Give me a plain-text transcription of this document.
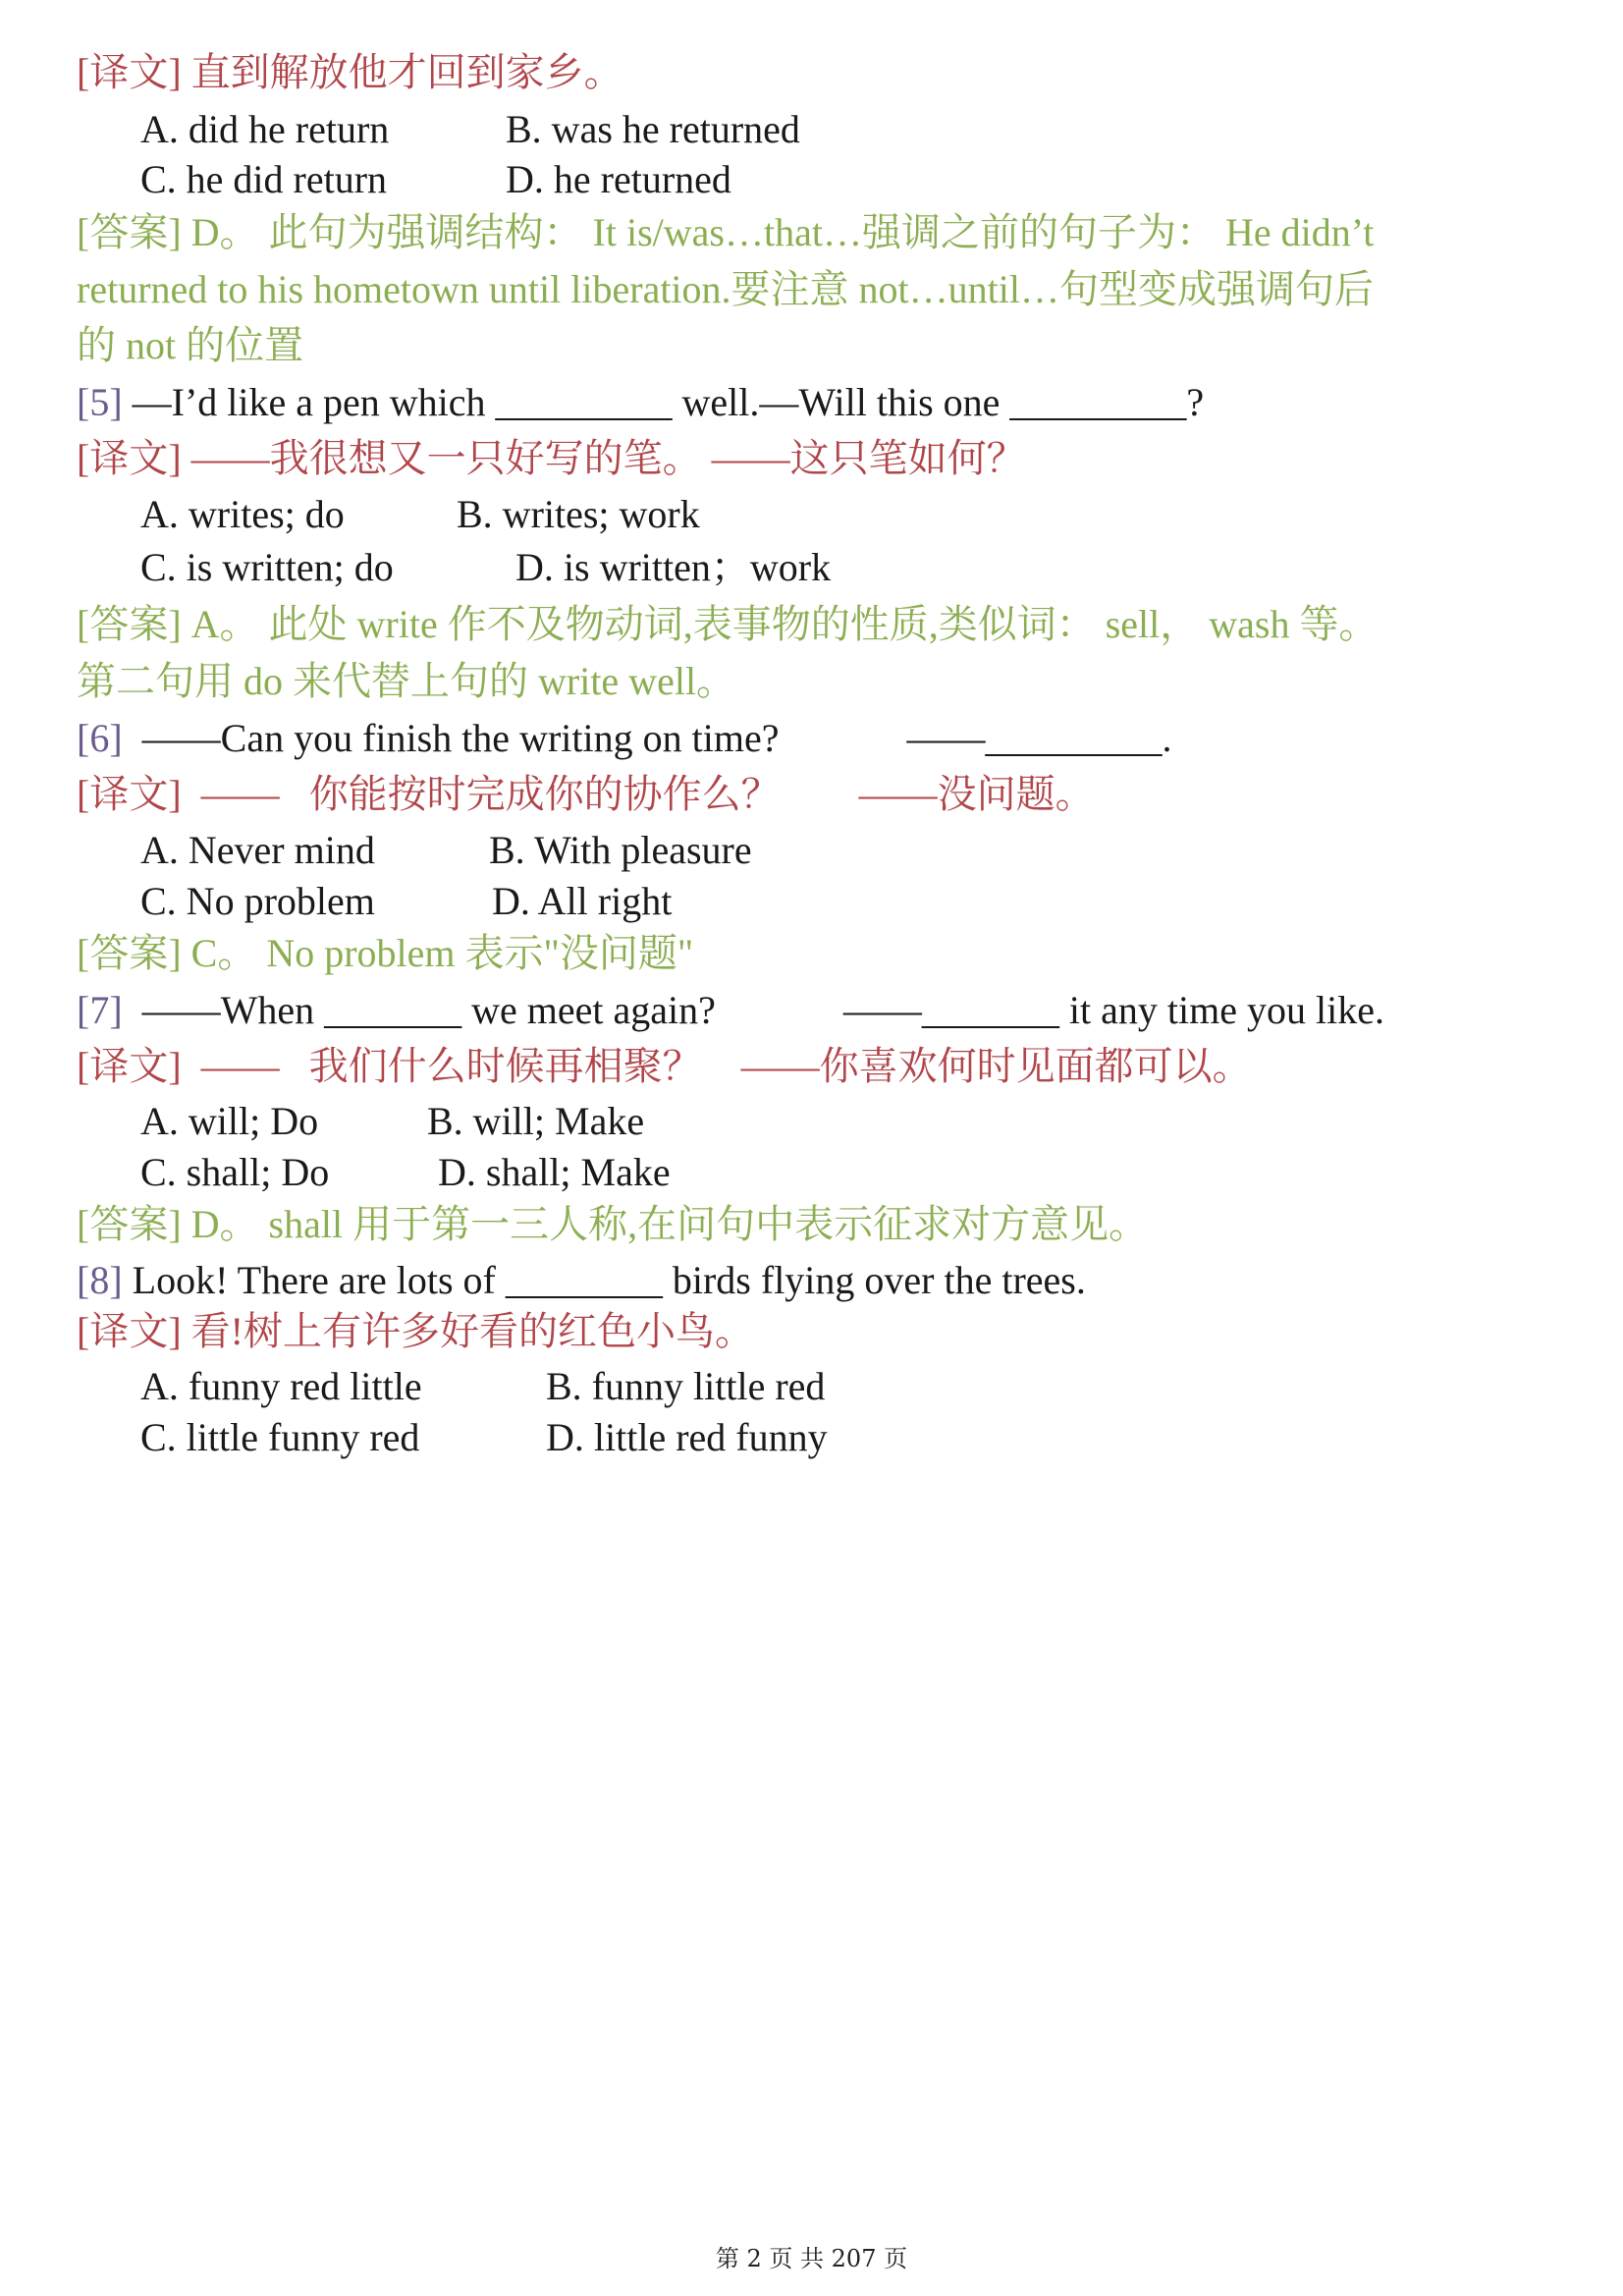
[译文] 直到解放他才回到家乡。
A. did he return	B. was he returned
C. he did return	D. he returned
[答案] D。 此句为强调结构： It is/was…that…强调之前的句子为： He didn’t
returned to his hometown until liberation.要注意 not…until…句型变成强调句后
的 not 的位置
[5] —I’d like a pen which _________ well.—Will this one _________?
[译文] ——我很想又一只好写的笔。 ——这只笔如何？
A. writes; do	B. writes; work
C. is written; do	D. is written；work
[答案] A。 此处 write 作不及物动词,表事物的性质,类似词： sell， wash 等。
第二句用 do 来代替上句的 write well。
[6]  ――Can you finish the writing on time?             ――_________.
[译文]  ――   你能按时完成你的协作么？        ――没问题。
A. Never mind	B. With pleasure
C. No problem	D. All right
[答案] C。 No problem 表示"没问题"
[7]  ――When _______ we meet again?             ――_______ it any time you like.
[译文]  ――   我们什么时候再相聚？    ――你喜欢何时见面都可以。
A. will; Do	B. will; Make
C. shall; Do	D. shall; Make
[答案] D。 shall 用于第一三人称,在问句中表示征求对方意见。
[8] Look! There are lots of ________ birds flying over the trees.
[译文] 看!树上有许多好看的红色小鸟。
A. funny red little	B. funny little red
C. little funny red	D. little red funny
第 2 页 共 207 页
